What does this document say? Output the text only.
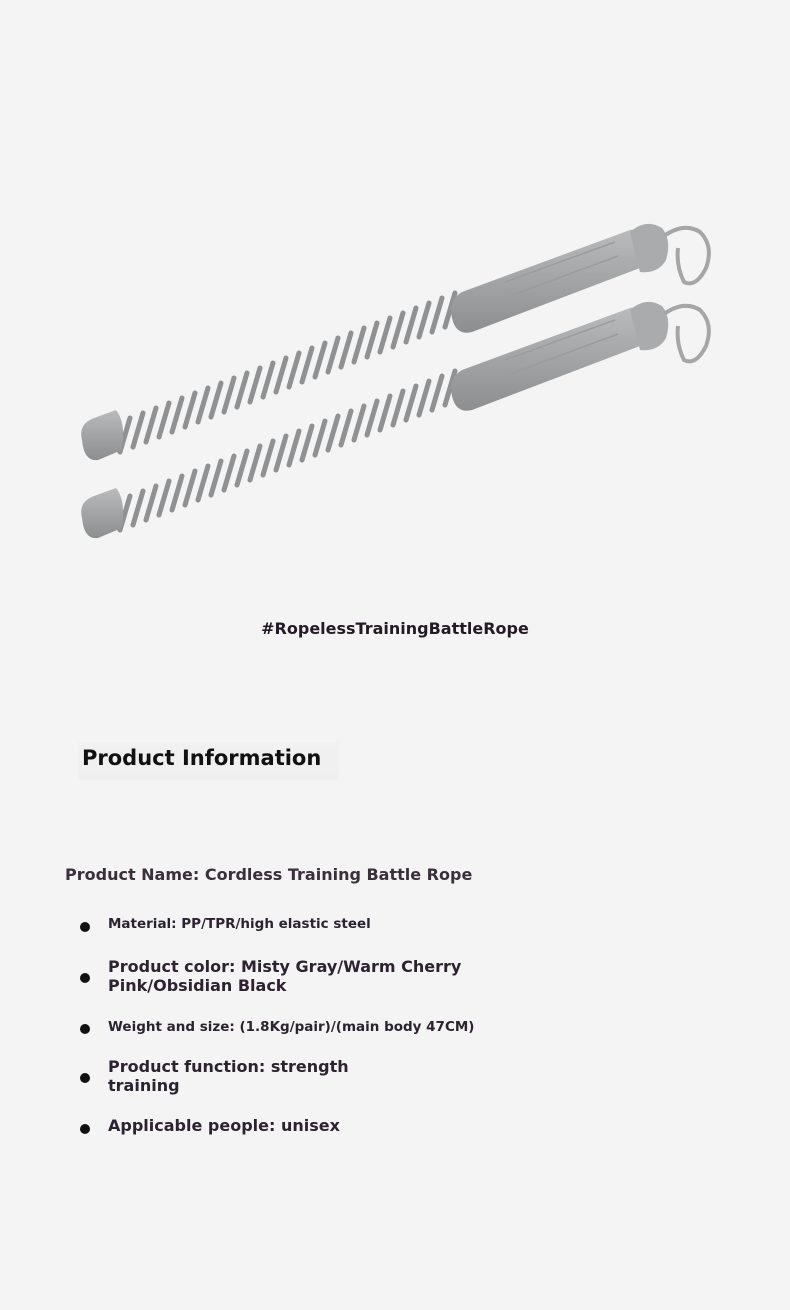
#RopelessTrainingBattleRope
Product Information
Product Name: Cordless Training Battle Rope
Material: PP/TPR/high elastic steel
Product color: Misty Gray/Warm Cherry
Pink/Obsidian Black
Weight and size: (1.8Kg/pair)/(main body 47CM)
Product function: strength
training
Applicable people: unisex
